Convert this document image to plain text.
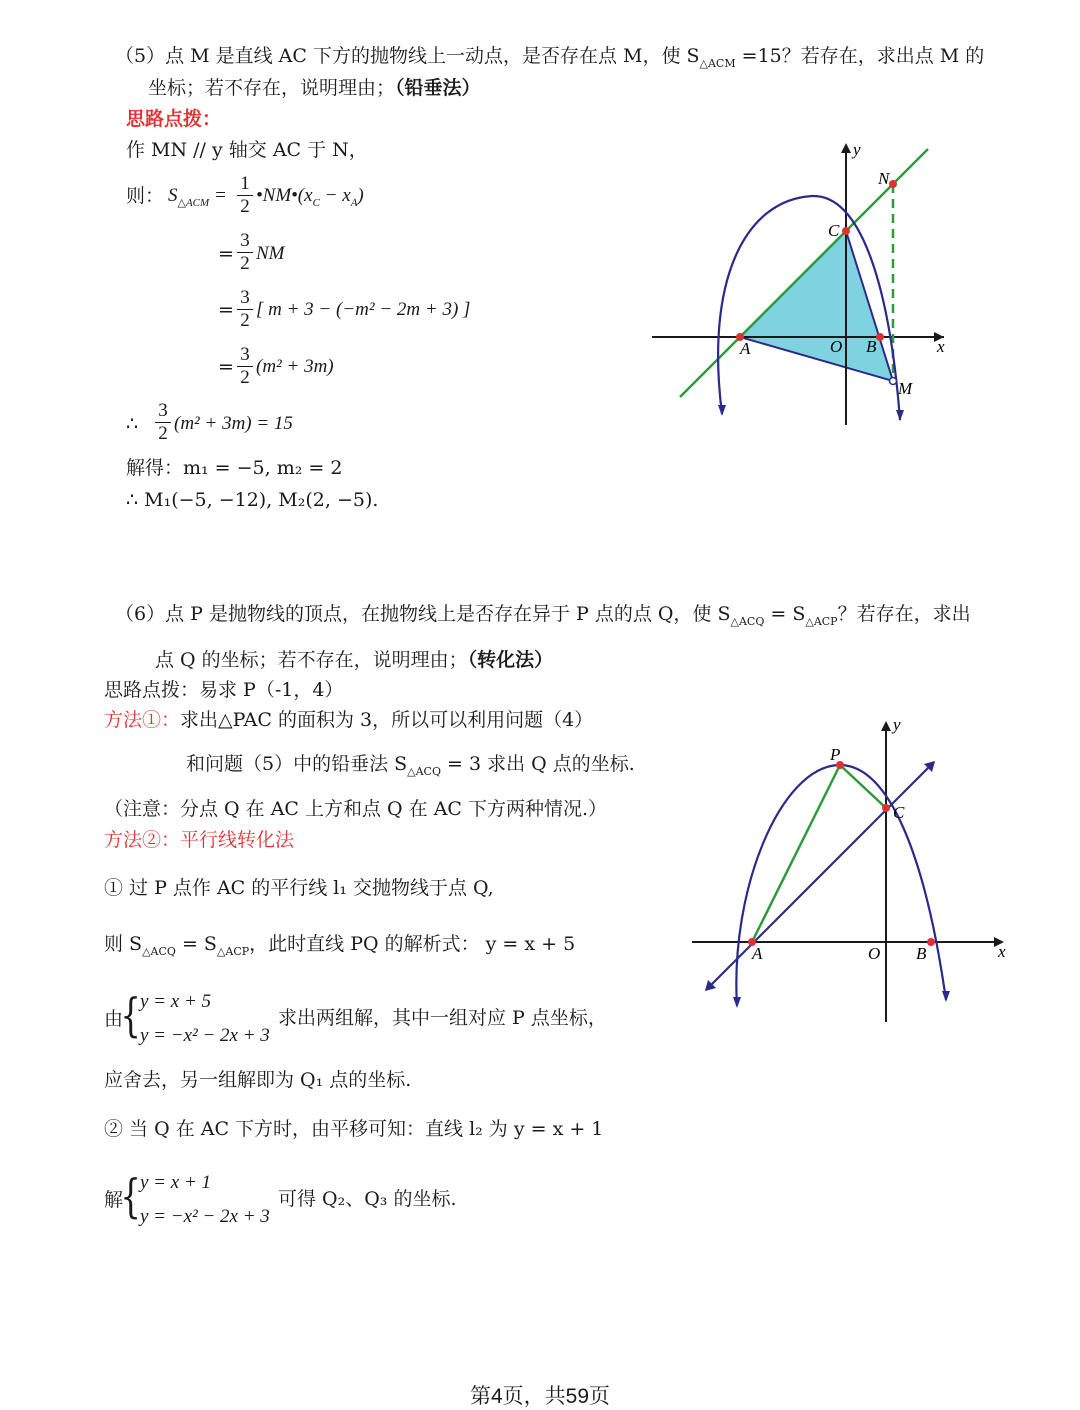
（5）点 M 是直线 AC 下方的抛物线上一动点，是否存在点 M，使 $S_{\triangle ACM} =15$？若存在，求出点 M 的
坐标；若不存在，说明理由；（铅垂法）
思路点拨：
作 MN // y 轴交 AC 于 N，
则： $S_{\triangle ACM}$ =
1
2
$•NM•(x_C - x_A)$
=
3
2 NM
=
3
2
[ m + 3 − (−m² − 2m + 3) ]
=
3
2
(m² + 3m)
∴
3
2 (m² + 3m) = 15
解得：m₁ = −5, m₂ = 2
∴ M₁(−5, −12), M₂(2, −5).
y
x
N
C
A	O B
M
（6）点 P 是抛物线的顶点，在抛物线上是否存在异于 P 点的点 Q，使 $S_{\triangle ACQ} = S_{\triangle ACP}$？若存在，求出
点 Q 的坐标；若不存在，说明理由；（转化法）
思路点拨：易求 P（-1，4）
方法①：求出△PAC 的面积为 3，所以可以利用问题（4）
和问题（5）中的铅垂法 $S_{\triangle ACQ} = 3$ 求出 Q 点的坐标.
（注意：分点 Q 在 AC 上方和点 Q 在 AC 下方两种情况.）
方法②：平行线转化法
① 过 P 点作 AC 的平行线 l₁ 交抛物线于点 Q,
则 $S_{\triangle ACQ} = S_{\triangle ACP}$，此时直线 PQ 的解析式： y = x + 5
由
{ y = x + 5
y = −x² − 2x + 3
求出两组解，其中一组对应 P 点坐标，
应舍去，另一组解即为 Q₁ 点的坐标.
② 当 Q 在 AC 下方时，由平移可知：直线 l₂ 为 y = x + 1
解
{ y = x + 1
y = −x² − 2x + 3
可得 Q₂、Q₃ 的坐标.
y
x
P
C
A	O B
第4页，共59页
